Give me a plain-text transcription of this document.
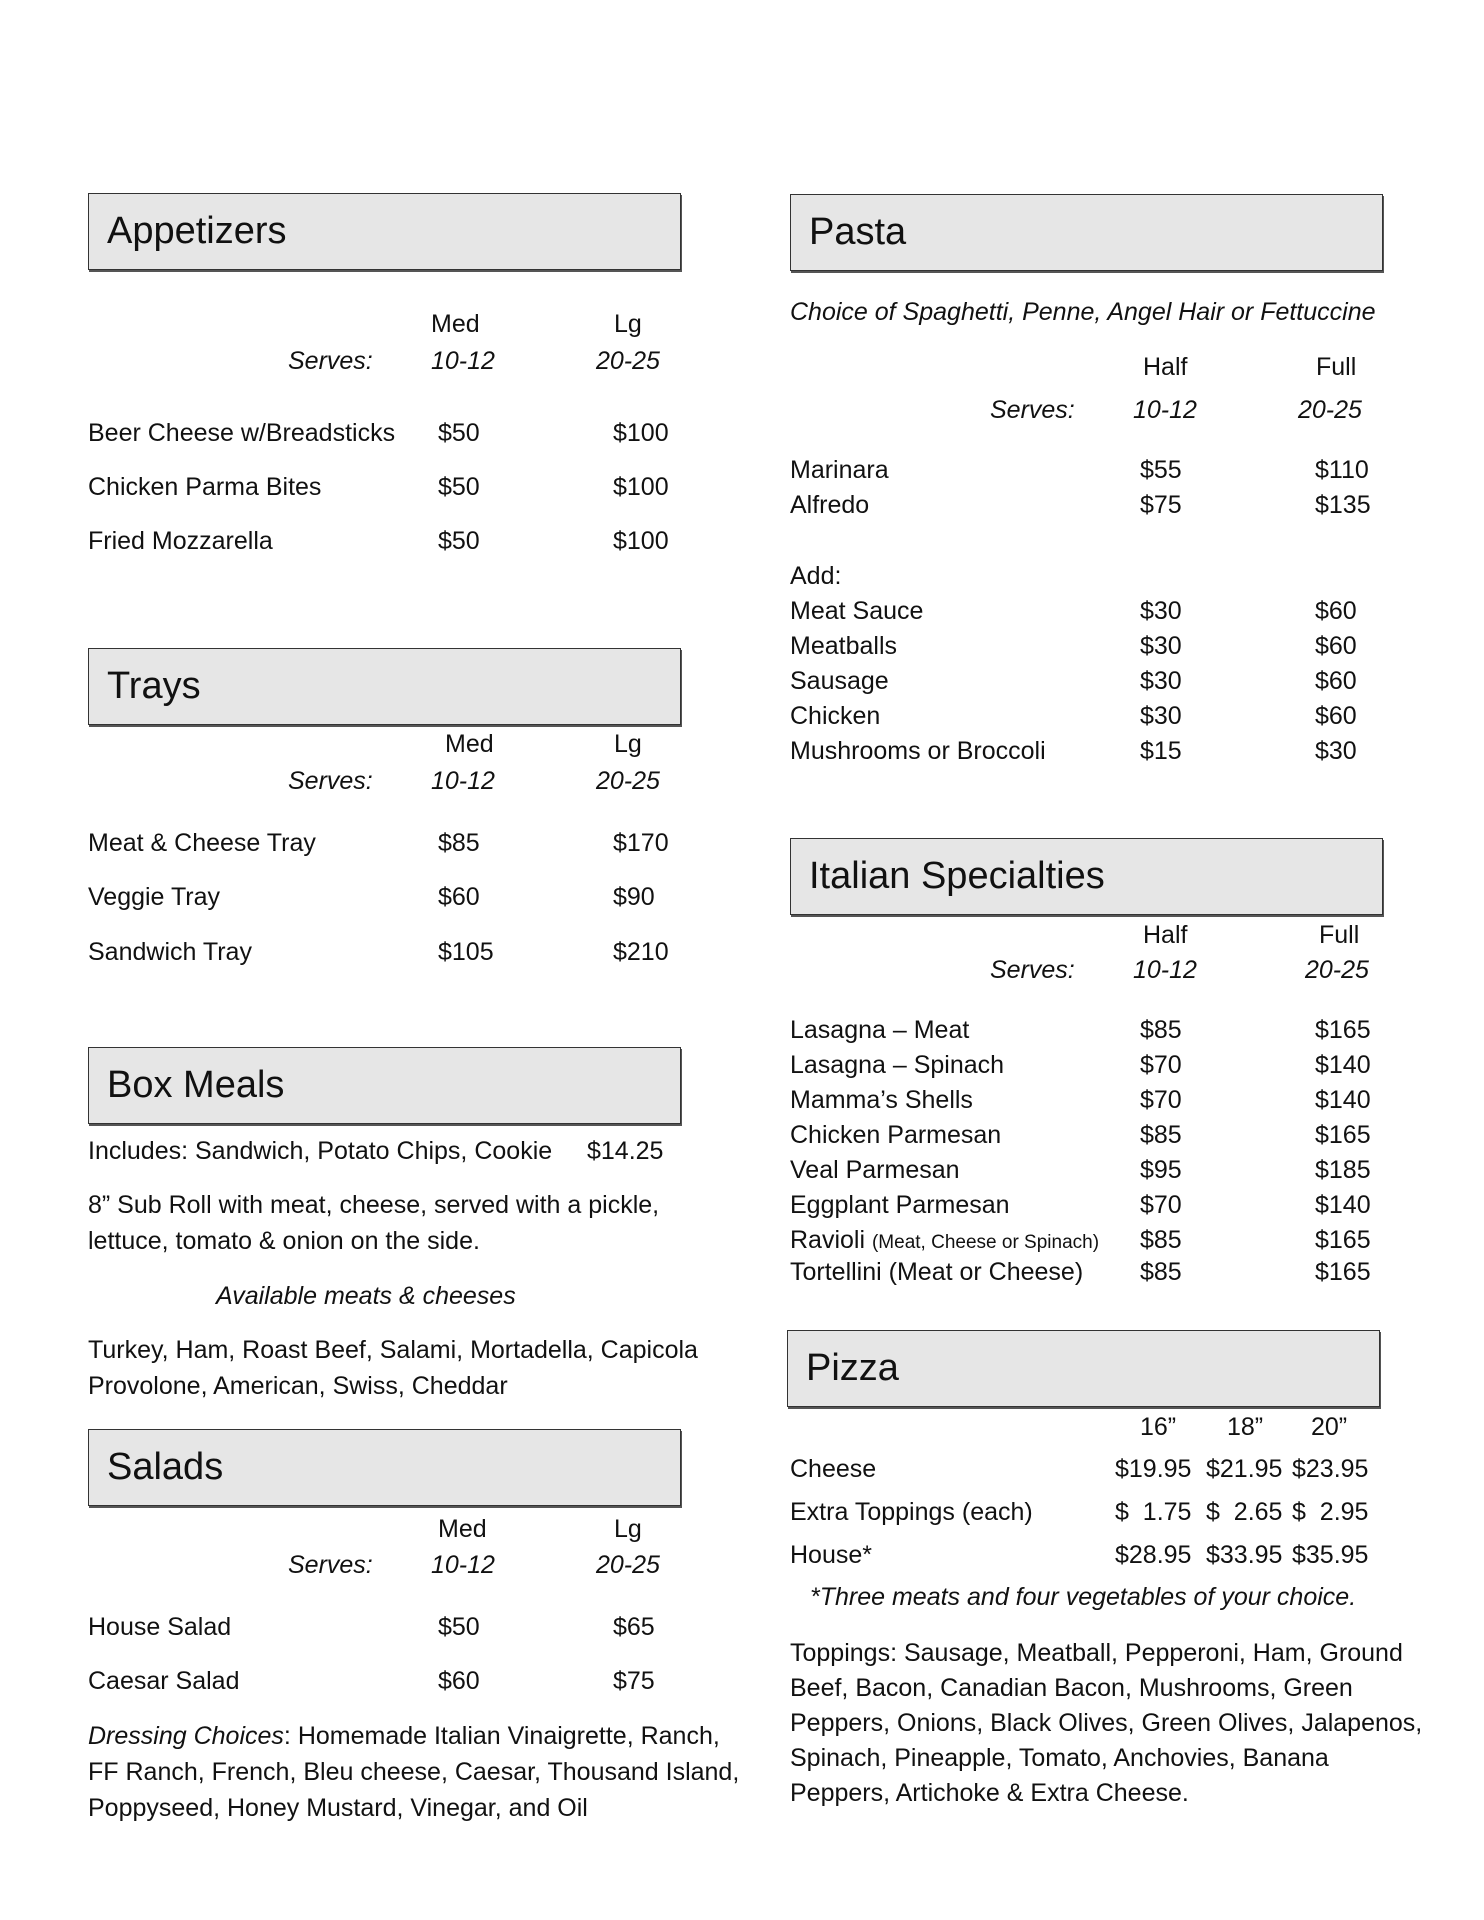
Appetizers
Med	Lg
Serves: 10-12	20-25
Beer Cheese w/Breadsticks $50	$100
Chicken Parma Bites	$50	$100
Fried Mozzarella	$50	$100
Trays
Med	Lg
Serves: 10-12	20-25
Meat & Cheese Tray	$85	$170
Veggie Tray	$60	$90
Sandwich Tray	$105	$210
Box Meals
Includes: Sandwich, Potato Chips, Cookie $14.25
8” Sub Roll with meat, cheese, served with a pickle,
lettuce, tomato & onion on the side.
Available meats & cheeses
Turkey, Ham, Roast Beef, Salami, Mortadella, Capicola
Provolone, American, Swiss, Cheddar
Salads
Med	Lg
Serves: 10-12	20-25
House Salad	$50	$65
Caesar Salad	$60	$75
Dressing Choices: Homemade Italian Vinaigrette, Ranch,
FF Ranch, French, Bleu cheese, Caesar, Thousand Island,
Poppyseed, Honey Mustard, Vinegar, and Oil
Pasta
Choice of Spaghetti, Penne, Angel Hair or Fettuccine
Half	Full
Serves: 10-12	20-25
Marinara	$55	$110
Alfredo	$75	$135
Add:
Meat Sauce	$30	$60
Meatballs	$30	$60
Sausage	$30	$60
Chicken	$30	$60
Mushrooms or Broccoli	$15	$30
Italian Specialties
Half	Full
Serves: 10-12	20-25
Lasagna – Meat	$85	$165
Lasagna – Spinach	$70	$140
Mamma’s Shells	$70	$140
Chicken Parmesan	$85	$165
Veal Parmesan	$95	$185
Eggplant Parmesan	$70	$140
Ravioli (Meat, Cheese or Spinach) $85	$165
Tortellini (Meat or Cheese) $85	$165
Pizza
16” 18” 20”
Cheese	$19.95 $21.95 $23.95
Extra Toppings (each)	$  1.75 $  2.65 $  2.95
House*	$28.95 $33.95 $35.95
*Three meats and four vegetables of your choice.
Toppings: Sausage, Meatball, Pepperoni, Ham, Ground
Beef, Bacon, Canadian Bacon, Mushrooms, Green
Peppers, Onions, Black Olives, Green Olives, Jalapenos,
Spinach, Pineapple, Tomato, Anchovies, Banana
Peppers, Artichoke & Extra Cheese.
